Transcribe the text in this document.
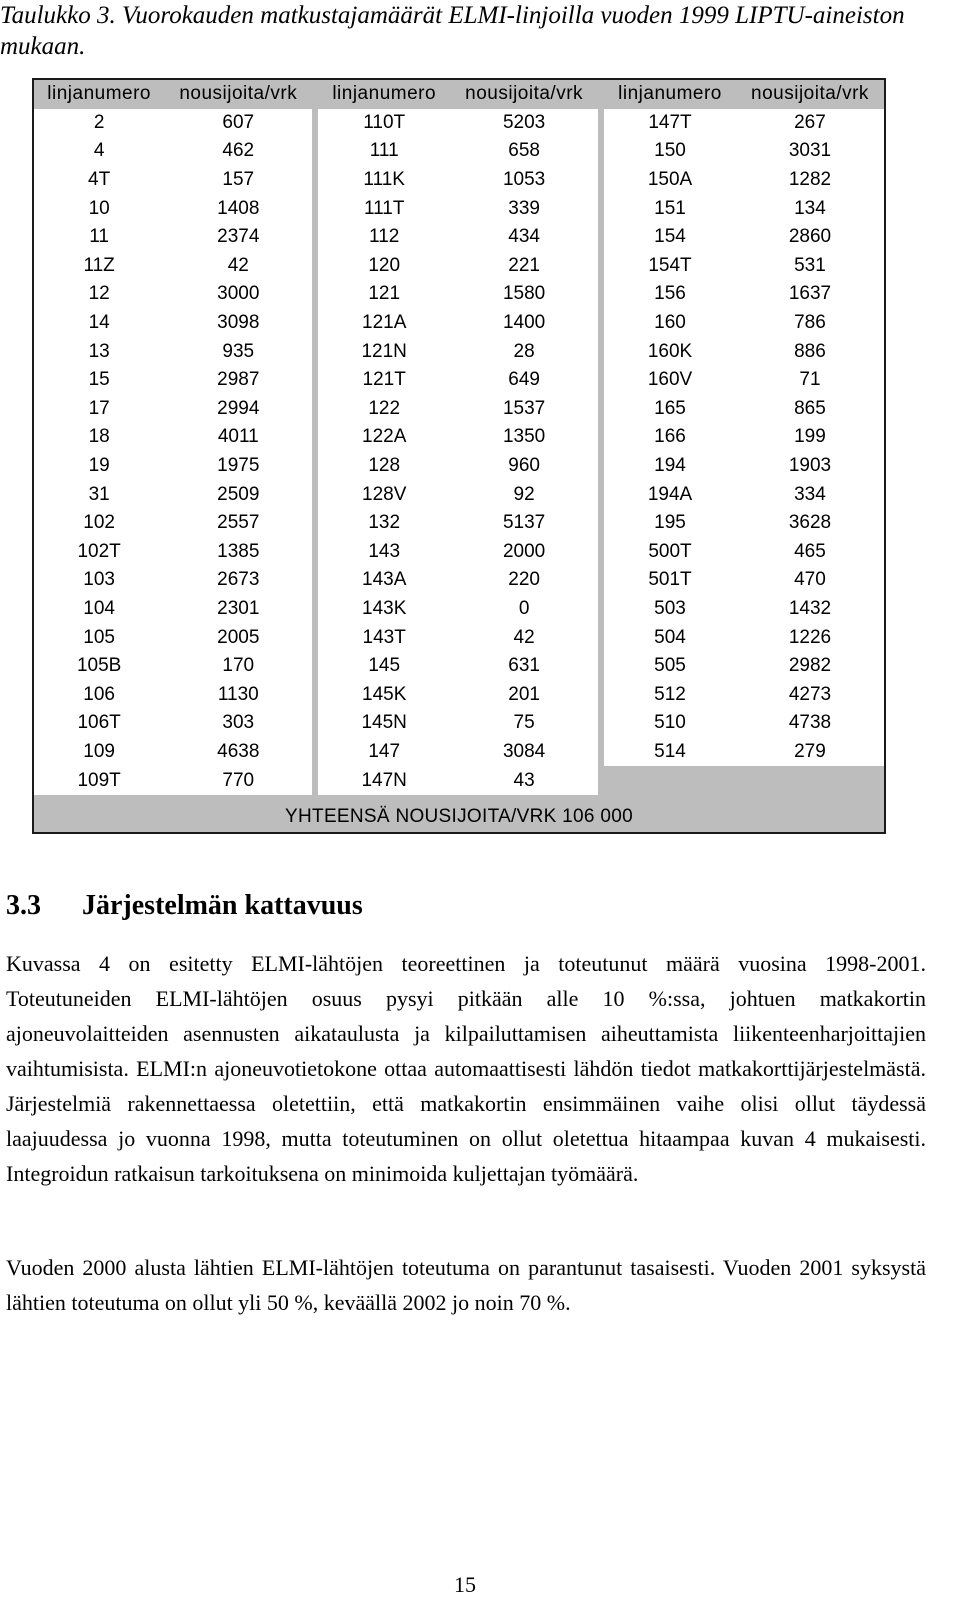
Taulukko 3. Vuorokauden matkustajamäärät ELMI-linjoilla vuoden 1999 LIPTU-aineiston mukaan.
linjanumero	nousijoita/vrk	linjanumero	nousijoita/vrk	linjanumero	nousijoita/vrk
2	607	110T	5203	147T	267
4	462	111	658	150	3031
4T	157	111K	1053	150A	1282
10	1408	111T	339	151	134
11	2374	112	434	154	2860
11Z	42	120	221	154T	531
12	3000	121	1580	156	1637
14	3098	121A	1400	160	786
13	935	121N	28	160K	886
15	2987	121T	649	160V	71
17	2994	122	1537	165	865
18	4011	122A	1350	166	199
19	1975	128	960	194	1903
31	2509	128V	92	194A	334
102	2557	132	5137	195	3628
102T	1385	143	2000	500T	465
103	2673	143A	220	501T	470
104	2301	143K	0	503	1432
105	2005	143T	42	504	1226
105B	170	145	631	505	2982
106	1130	145K	201	512	4273
106T	303	145N	75	510	4738
109	4638	147	3084	514	279
109T	770	147N	43		
YHTEENSÄ NOUSIJOITA/VRK 106 000
3.3 Järjestelmän kattavuus

Kuvassa 4 on esitetty ELMI-lähtöjen teoreettinen ja toteutunut määrä vuosina 1998-2001. Toteutuneiden ELMI-lähtöjen osuus pysyi pitkään alle 10 %:ssa, johtuen matkakortin ajoneuvolaitteiden asennusten aikataulusta ja kilpailuttamisen aiheuttamista liikenteenharjoittajien vaihtumisista. ELMI:n ajoneuvotietokone ottaa automaattisesti lähdön tiedot matkakorttijärjestelmästä. Järjestelmiä rakennettaessa oletettiin, että matkakortin ensimmäinen vaihe olisi ollut täydessä laajuudessa jo vuonna 1998, mutta toteutuminen on ollut oletettua hitaampaa kuvan 4 mukaisesti. Integroidun ratkaisun tarkoituksena on minimoida kuljettajan työmäärä.

Vuoden 2000 alusta lähtien ELMI-lähtöjen toteutuma on parantunut tasaisesti. Vuoden 2001 syksystä lähtien toteutuma on ollut yli 50 %, keväällä 2002 jo noin 70 %.

15
